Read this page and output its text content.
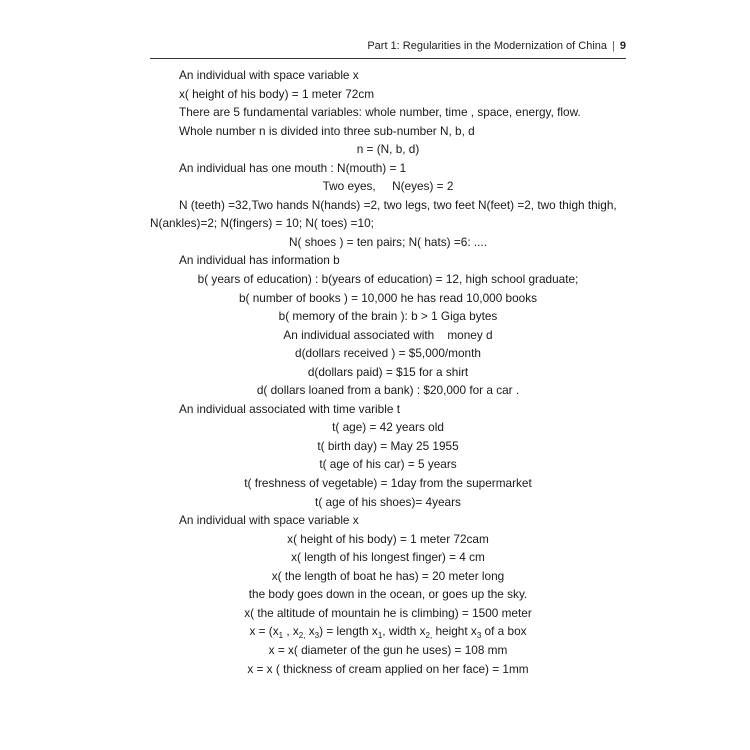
Part 1: Regularities in the Modernization of China | 9
An individual with space variable x
x( height of his body) = 1 meter 72cm
There are 5 fundamental variables: whole number, time , space, energy, flow.
Whole number n is divided into three sub-number N, b, d
n = (N, b, d)
An individual has one mouth : N(mouth) = 1
Two eyes,     N(eyes) = 2
N (teeth) =32,Two hands N(hands) =2, two legs, two feet N(feet) =2, two thigh thigh, N(ankles)=2; N(fingers) = 10; N( toes) =10;
N( shoes ) = ten pairs; N( hats) =6: ....
An individual has information b
b( years of education) : b(years of education) = 12, high school graduate;
b( number of books ) = 10,000 he has read 10,000 books
b( memory of the brain ): b > 1 Giga bytes
An individual associated with    money d
d(dollars received ) = $5,000/month
d(dollars paid) = $15 for a shirt
d( dollars loaned from a bank) : $20,000 for a car .
An individual associated with time varible t
t( age) = 42 years old
t( birth day) = May 25 1955
t( age of his car) = 5 years
t( freshness of vegetable) = 1day from the supermarket
t( age of his shoes)= 4years
An individual with space variable x
x( height of his body) = 1 meter 72cam
x( length of his longest finger) = 4 cm
x( the length of boat he has) = 20 meter long
the body goes down in the ocean, or goes up the sky.
x( the altitude of mountain he is climbing) = 1500 meter
$x = (x_1$ , $x_{2,}$ $x_3$) = length $x_1$, width $x_{2,}$ height $x_3$ of a box
x = x( diameter of the gun he uses) = 108 mm
x = x ( thickness of cream applied on her face) = 1mm
